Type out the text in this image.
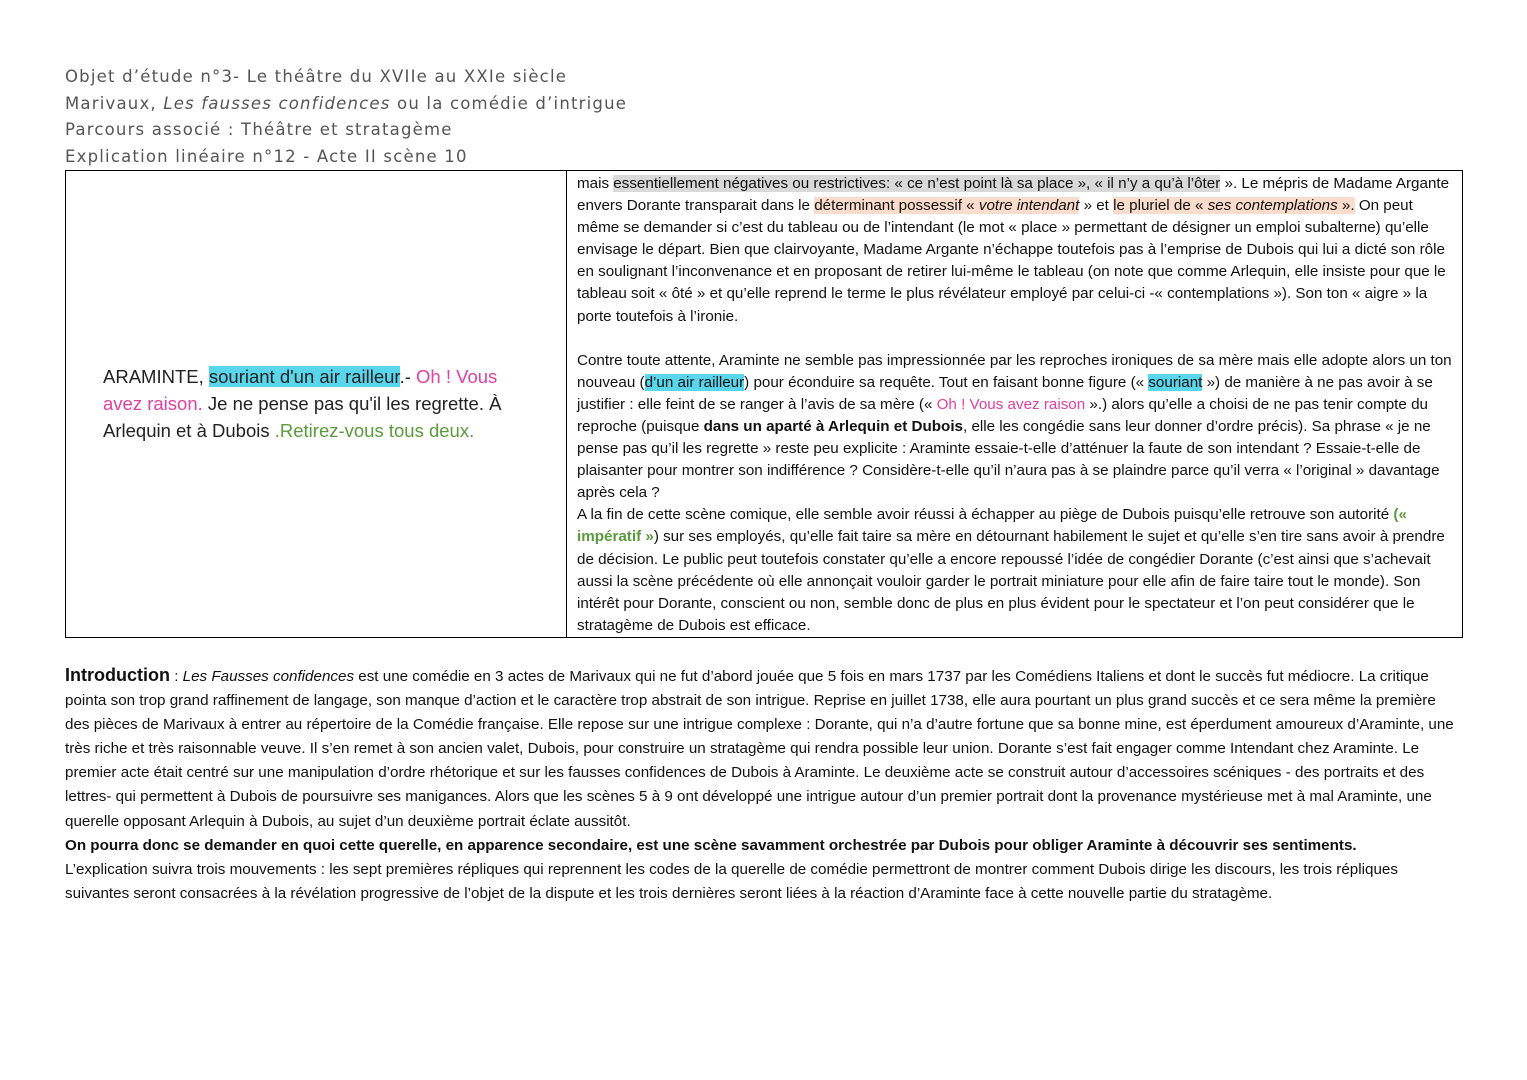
Objet d’étude n°3- Le théâtre du XVIIe au XXIe siècle
Marivaux, Les fausses confidences ou la comédie d’intrigue
Parcours associé : Théâtre et stratagème
Explication linéaire n°12 - Acte II scène 10
ARAMINTE, souriant d'un air railleur.- Oh ! Vous avez raison. Je ne pense pas qu'il les regrette. À Arlequin et à Dubois .Retirez-vous tous deux.

mais essentiellement négatives ou restrictives: « ce n’est point là sa place », « il n’y a qu’à l’ôter ». Le mépris de Madame Argante envers Dorante transparait dans le déterminant possessif « votre intendant » et le pluriel de « ses contemplations ». On peut même se demander si c’est du tableau ou de l’intendant (le mot « place » permettant de désigner un emploi subalterne) qu’elle envisage le départ. Bien que clairvoyante, Madame Argante n’échappe toutefois pas à l’emprise de Dubois qui lui a dicté son rôle en soulignant l’inconvenance et en proposant de retirer lui-même le tableau (on note que comme Arlequin, elle insiste pour que le tableau soit « ôté » et qu’elle reprend le terme le plus révélateur employé par celui-ci -« contemplations »). Son ton « aigre » la porte toutefois à l’ironie.

Contre toute attente, Araminte ne semble pas impressionnée par les reproches ironiques de sa mère mais elle adopte alors un ton nouveau (d’un air railleur) pour éconduire sa requête. Tout en faisant bonne figure (« souriant ») de manière à ne pas avoir à se justifier : elle feint de se ranger à l’avis de sa mère (« Oh ! Vous avez raison ».) alors qu’elle a choisi de ne pas tenir compte du reproche (puisque dans un aparté à Arlequin et Dubois, elle les congédie sans leur donner d’ordre précis). Sa phrase « je ne pense pas qu’il les regrette » reste peu explicite : Araminte essaie-t-elle d’atténuer la faute de son intendant ? Essaie-t-elle de plaisanter pour montrer son indifférence ? Considère-t-elle qu’il n’aura pas à se plaindre parce qu’il verra « l’original » davantage après cela ?

A la fin de cette scène comique, elle semble avoir réussi à échapper au piège de Dubois puisqu’elle retrouve son autorité (« impératif ») sur ses employés, qu’elle fait taire sa mère en détournant habilement le sujet et qu’elle s’en tire sans avoir à prendre de décision. Le public peut toutefois constater qu’elle a encore repoussé l’idée de congédier Dorante (c’est ainsi que s’achevait aussi la scène précédente où elle annonçait vouloir garder le portrait miniature pour elle afin de faire taire tout le monde). Son intérêt pour Dorante, conscient ou non, semble donc de plus en plus évident pour le spectateur et l’on peut considérer que le stratagème de Dubois est efficace.

Introduction : Les Fausses confidences est une comédie en 3 actes de Marivaux qui ne fut d’abord jouée que 5 fois en mars 1737 par les Comédiens Italiens et dont le succès fut médiocre. La critique pointa son trop grand raffinement de langage, son manque d’action et le caractère trop abstrait de son intrigue. Reprise en juillet 1738, elle aura pourtant un plus grand succès et ce sera même la première des pièces de Marivaux à entrer au répertoire de la Comédie française. Elle repose sur une intrigue complexe : Dorante, qui n’a d’autre fortune que sa bonne mine, est éperdument amoureux d’Araminte, une très riche et très raisonnable veuve. Il s’en remet à son ancien valet, Dubois, pour construire un stratagème qui rendra possible leur union. Dorante s’est fait engager comme Intendant chez Araminte. Le premier acte était centré sur une manipulation d’ordre rhétorique et sur les fausses confidences de Dubois à Araminte. Le deuxième acte se construit autour d’accessoires scéniques - des portraits et des lettres- qui permettent à Dubois de poursuivre ses manigances. Alors que les scènes 5 à 9 ont développé une intrigue autour d’un premier portrait dont la provenance mystérieuse met à mal Araminte, une querelle opposant Arlequin à Dubois, au sujet d’un deuxième portrait éclate aussitôt.

On pourra donc se demander en quoi cette querelle, en apparence secondaire, est une scène savamment orchestrée par Dubois pour obliger Araminte à découvrir ses sentiments.

L’explication suivra trois mouvements : les sept premières répliques qui reprennent les codes de la querelle de comédie permettront de montrer comment Dubois dirige les discours, les trois répliques suivantes seront consacrées à la révélation progressive de l’objet de la dispute et les trois dernières seront liées à la réaction d’Araminte face à cette nouvelle partie du stratagème.
